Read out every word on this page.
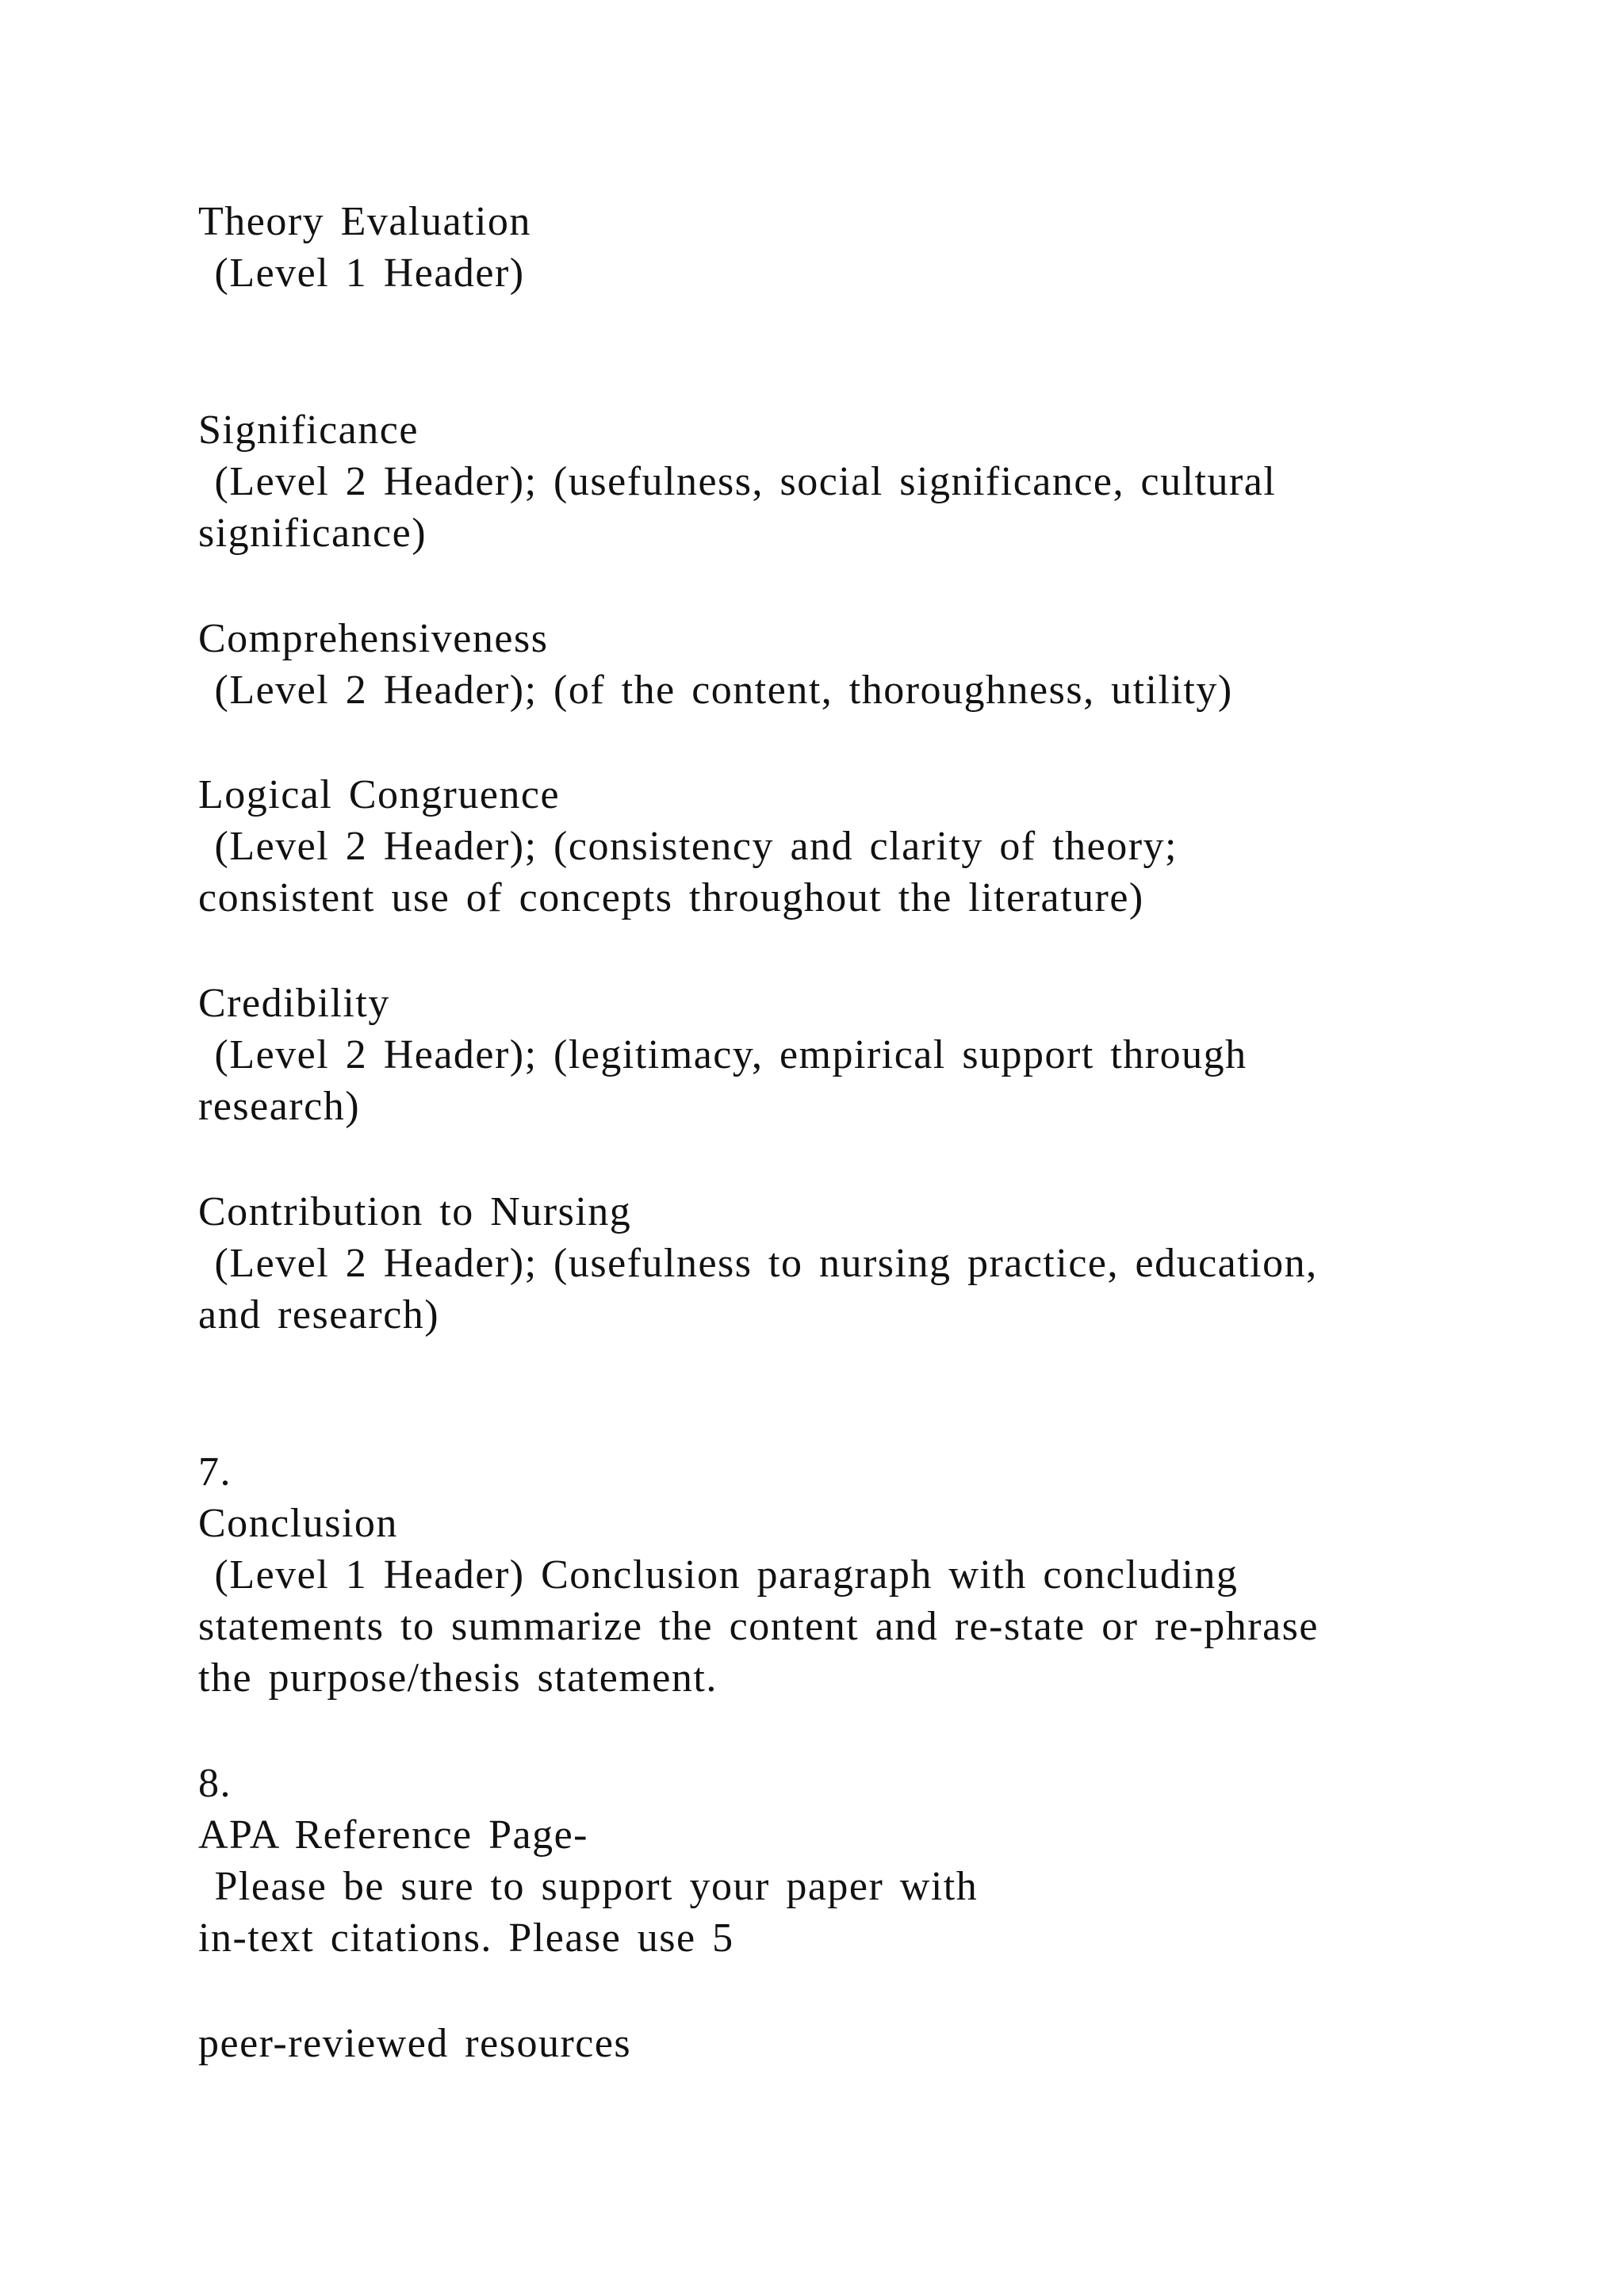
Theory Evaluation
(Level 1 Header)
Significance
(Level 2 Header); (usefulness, social significance, cultural
significance)
Comprehensiveness
(Level 2 Header); (of the content, thoroughness, utility)
Logical Congruence
(Level 2 Header); (consistency and clarity of theory;
consistent use of concepts throughout the literature)
Credibility
(Level 2 Header); (legitimacy, empirical support through
research)
Contribution to Nursing
(Level 2 Header); (usefulness to nursing practice, education,
and research)
7.
Conclusion
(Level 1 Header) Conclusion paragraph with concluding
statements to summarize the content and re-state or re-phrase
the purpose/thesis statement.
8.
APA Reference Page-
Please be sure to support your paper with
in-text citations. Please use 5
peer-reviewed resources
